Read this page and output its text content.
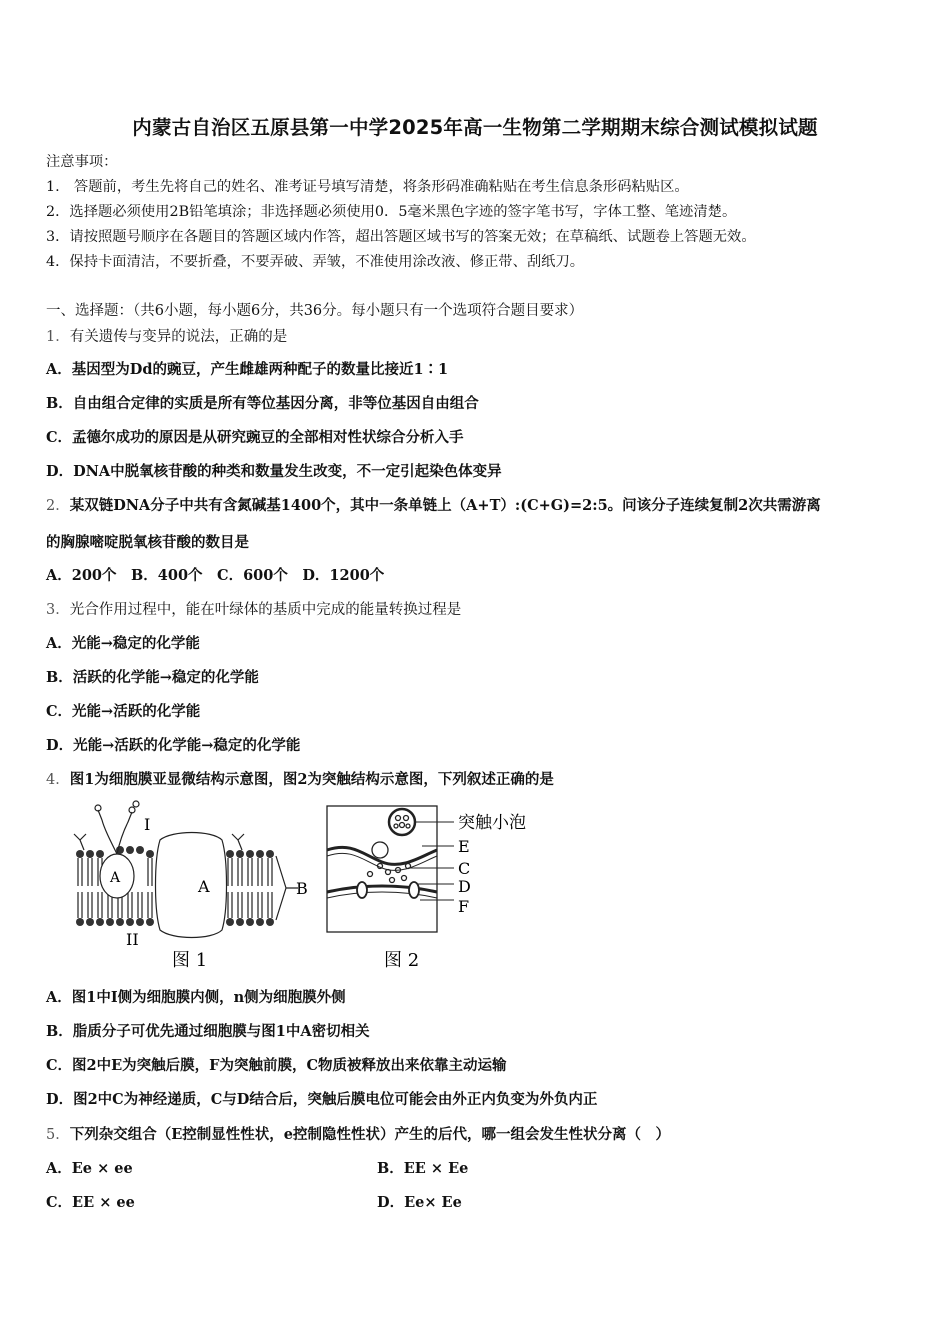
内蒙古自治区五原县第一中学2025年高一生物第二学期期末综合测试模拟试题
注意事项：
1.　答题前，考生先将自己的姓名、准考证号填写清楚，将条形码准确粘贴在考生信息条形码粘贴区。
2．选择题必须使用2B铅笔填涂；非选择题必须使用0．5毫米黑色字迹的签字笔书写，字体工整、笔迹清楚。
3．请按照题号顺序在各题目的答题区域内作答，超出答题区域书写的答案无效；在草稿纸、试题卷上答题无效。
4．保持卡面清洁，不要折叠，不要弄破、弄皱，不准使用涂改液、修正带、刮纸刀。
一、选择题：（共6小题，每小题6分，共36分。每小题只有一个选项符合题目要求）
1．有关遗传与变异的说法，正确的是
A．基因型为Dd的豌豆，产生雌雄两种配子的数量比接近1∶1
B．自由组合定律的实质是所有等位基因分离，非等位基因自由组合
C．孟德尔成功的原因是从研究豌豆的全部相对性状综合分析入手
D．DNA中脱氧核苷酸的种类和数量发生改变，不一定引起染色体变异
2．某双链DNA分子中共有含氮碱基1400个，其中一条单链上（A+T）:(C+G)=2:5。问该分子连续复制2次共需游离
的胸腺嘧啶脱氧核苷酸的数目是
A．200个　B．400个　C．600个　D．1200个
3．光合作用过程中，能在叶绿体的基质中完成的能量转换过程是
A．光能→稳定的化学能
B．活跃的化学能→稳定的化学能
C．光能→活跃的化学能
D．光能→活跃的化学能→稳定的化学能
4．图1为细胞膜亚显微结构示意图，图2为突触结构示意图，下列叙述正确的是
I
A	A	B
II
图 1
突触小泡
E
C
D
F
图 2
A．图1中I侧为细胞膜内侧，n侧为细胞膜外侧
B．脂质分子可优先通过细胞膜与图1中A密切相关
C．图2中E为突触后膜，F为突触前膜，C物质被释放出来依靠主动运输
D．图2中C为神经递质，C与D结合后，突触后膜电位可能会由外正内负变为外负内正
5．下列杂交组合（E控制显性性状，e控制隐性性状）产生的后代，哪一组会发生性状分离（　）
A．Ee × ee	B．EE × Ee
C．EE × ee	D．Ee× Ee
